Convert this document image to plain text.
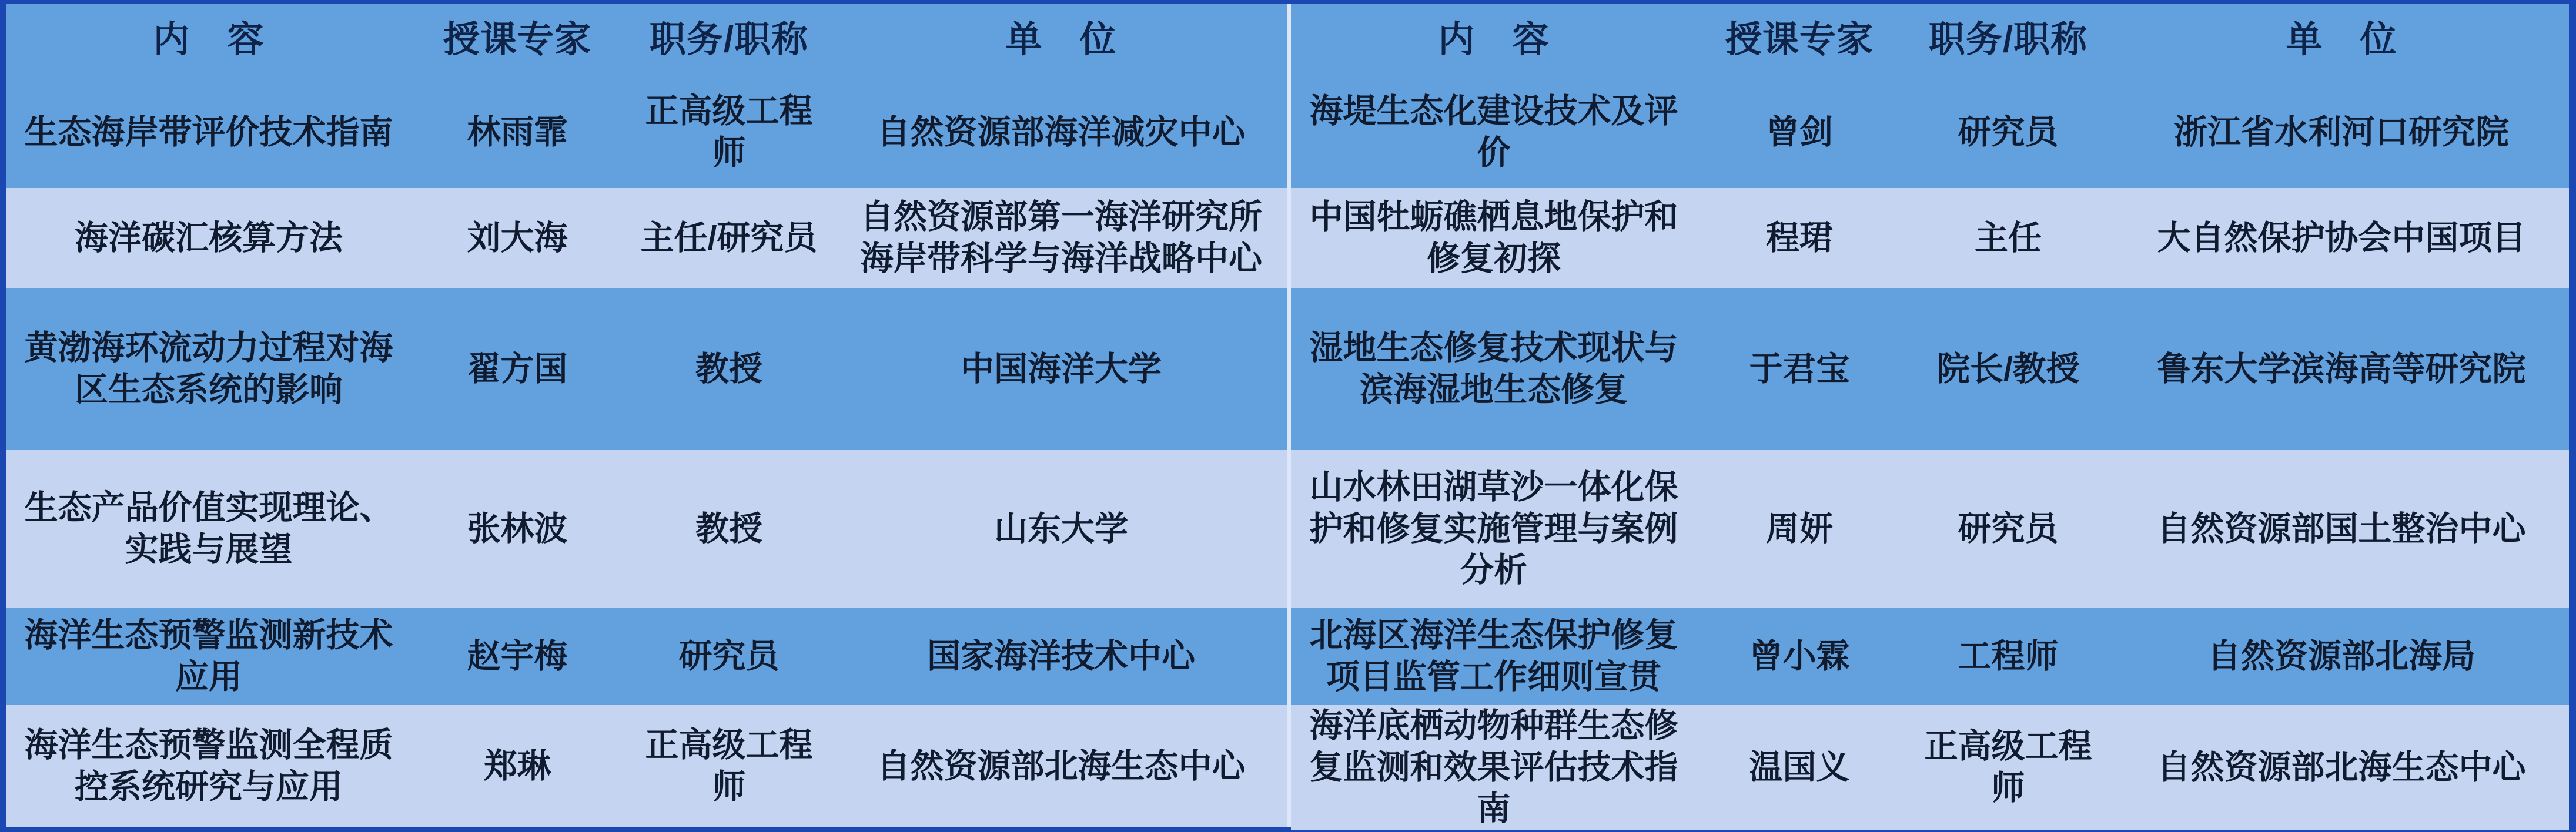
内　容	授课专家	职务/职称	单　位
生态海岸带评价技术指南	林雨霏	正高级工程师	自然资源部海洋减灾中心
海洋碳汇核算方法	刘大海	主任/研究员	自然资源部第一海洋研究所海岸带科学与海洋战略中心
黄渤海环流动力过程对海区生态系统的影响	翟方国	教授	中国海洋大学
生态产品价值实现理论、实践与展望	张林波	教授	山东大学
海洋生态预警监测新技术应用	赵宇梅	研究员	国家海洋技术中心
海洋生态预警监测全程质控系统研究与应用	郑琳	正高级工程师	自然资源部北海生态中心
内　容	授课专家	职务/职称	单　位
海堤生态化建设技术及评价	曾剑	研究员	浙江省水利河口研究院
中国牡蛎礁栖息地保护和修复初探	程珺	主任	大自然保护协会中国项目
湿地生态修复技术现状与滨海湿地生态修复	于君宝	院长/教授	鲁东大学滨海高等研究院
山水林田湖草沙一体化保护和修复实施管理与案例分析	周妍	研究员	自然资源部国土整治中心
北海区海洋生态保护修复项目监管工作细则宣贯	曾小霖	工程师	自然资源部北海局
海洋底栖动物种群生态修复监测和效果评估技术指南	温国义	正高级工程师	自然资源部北海生态中心
